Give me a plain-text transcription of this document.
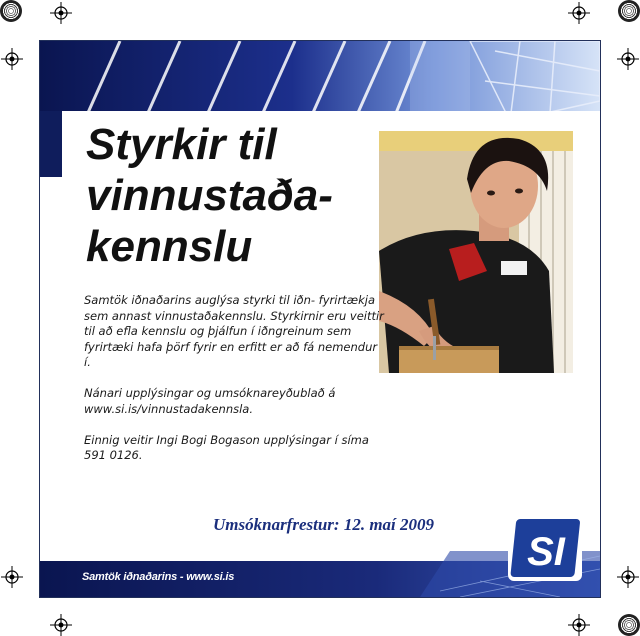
Styrkir til
vinnustaða-
kennslu

Samtök iðnaðarins auglýsa styrki til iðn- fyrirtækja sem annast vinnustaðakennslu. Styrkirnir eru veittir til að efla kennslu og þjálfun í iðngreinum sem fyrirtæki hafa þörf fyrir en erfitt er að fá nemendur í.

Nánari upplýsingar og umsóknareyðublað á www.si.is/vinnustadakennsla.

Einnig veitir Ingi Bogi Bogason upplýsingar í síma 591 0126.

Umsóknarfrestur: 12. maí 2009
Samtök iðnaðarins - www.si.is
SI
